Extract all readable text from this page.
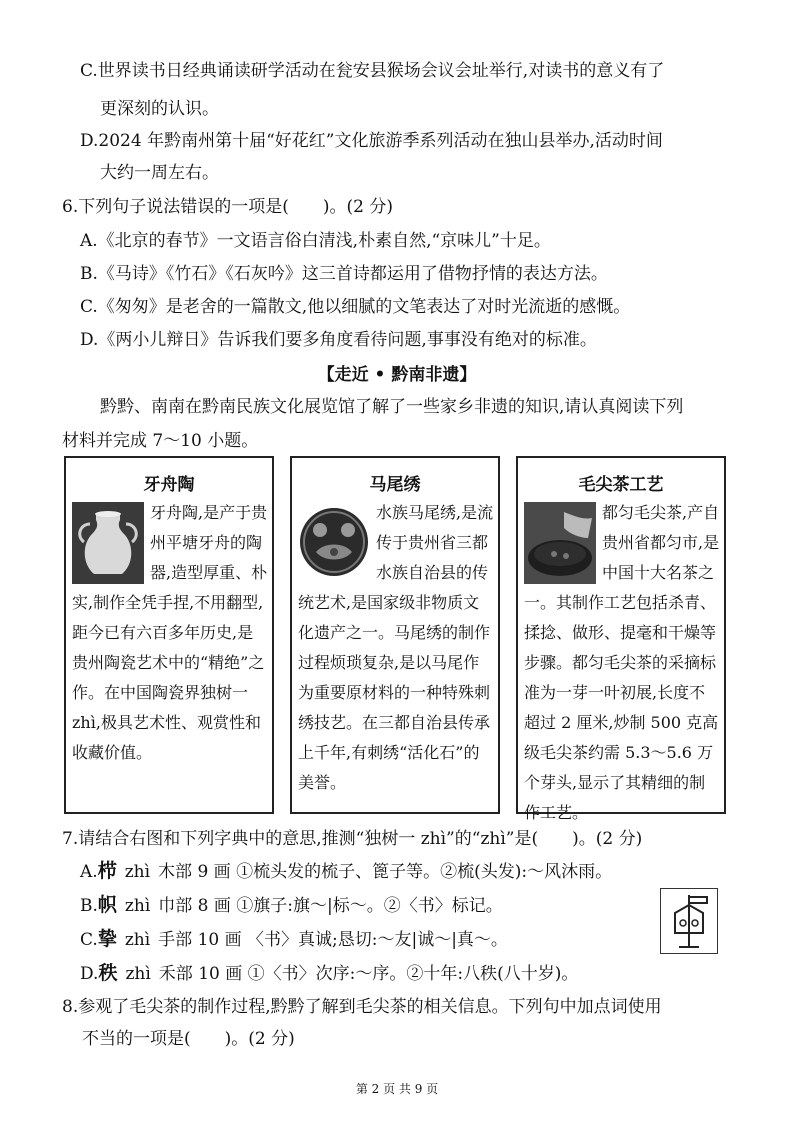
C.世界读书日经典诵读研学活动在瓮安县猴场会议会址举行,对读书的意义有了
更深刻的认识。
D.2024 年黔南州第十届“好花红”文化旅游季系列活动在独山县举办,活动时间
大约一周左右。
6.下列句子说法错误的一项是(　　)。(2 分)
A.《北京的春节》一文语言俗白清浅,朴素自然,“京味儿”十足。
B.《马诗》《竹石》《石灰吟》这三首诗都运用了借物抒情的表达方法。
C.《匆匆》是老舍的一篇散文,他以细腻的文笔表达了对时光流逝的感慨。
D.《两小儿辩日》告诉我们要多角度看待问题,事事没有绝对的标准。
【走近 • 黔南非遗】
黔黔、南南在黔南民族文化展览馆了解了一些家乡非遗的知识,请认真阅读下列
材料并完成 7～10 小题。
牙舟陶
牙舟陶,是产于贵州平塘牙舟的陶器,造型厚重、朴实,制作全凭手捏,不用翻型,距今已有六百多年历史,是贵州陶瓷艺术中的“精绝”之作。在中国陶瓷界独树一 zhì,极具艺术性、观赏性和收藏价值。
马尾绣
水族马尾绣,是流传于贵州省三都水族自治县的传统艺术,是国家级非物质文化遗产之一。马尾绣的制作过程烦琐复杂,是以马尾作为重要原材料的一种特殊刺绣技艺。在三都自治县传承上千年,有刺绣“活化石”的美誉。
毛尖茶工艺
都匀毛尖茶,产自贵州省都匀市,是中国十大名茶之一。其制作工艺包括杀青、揉捻、做形、提毫和干燥等步骤。都匀毛尖茶的采摘标准为一芽一叶初展,长度不超过 2 厘米,炒制 500 克高级毛尖茶约需 5.3～5.6 万个芽头,显示了其精细的制作工艺。
7.请结合右图和下列字典中的意思,推测“独树一 zhì”的“zhì”是(　　)。(2 分)
A.栉 zhì 木部 9 画 ①梳头发的梳子、篦子等。②梳(头发):～风沐雨。
B.帜 zhì 巾部 8 画 ①旗子:旗～|标～。②〈书〉标记。
C.挚 zhì 手部 10 画 〈书〉真诚;恳切:～友|诚～|真～。
D.秩 zhì 禾部 10 画 ①〈书〉次序:～序。②十年:八秩(八十岁)。
8.参观了毛尖茶的制作过程,黔黔了解到毛尖茶的相关信息。下列句中加点词使用
不当的一项是(　　)。(2 分)
第 2 页 共 9 页
